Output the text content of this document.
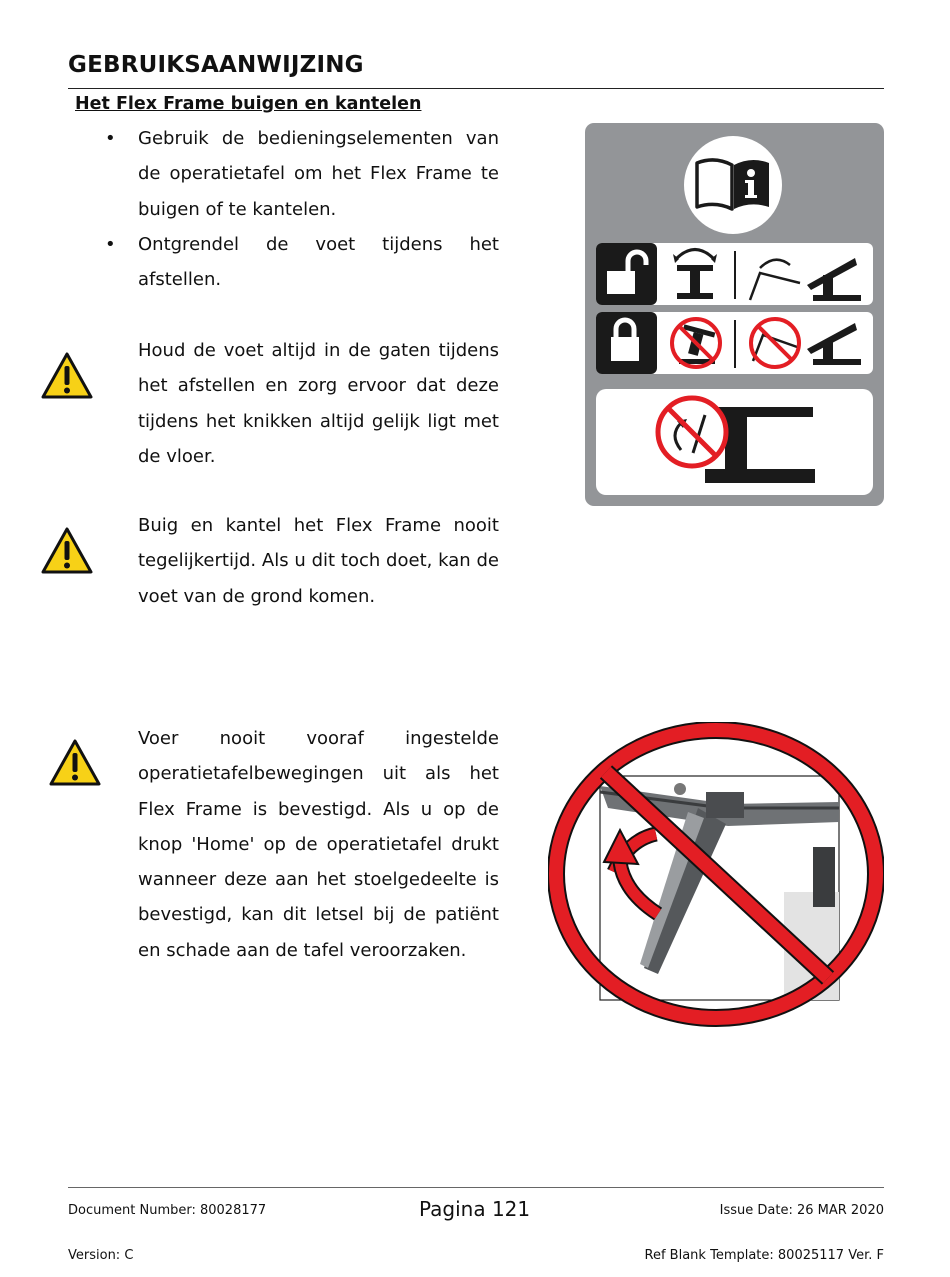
GEBRUIKSAANWIJZING
Het Flex Frame buigen en kantelen
• Gebruik de bedieningselementen van de operatietafel om het Flex Frame te buigen of te kantelen.
• Ontgrendel de voet tijdens het afstellen.
Houd de voet altijd in de gaten tijdens het afstellen en zorg ervoor dat deze tijdens het knikken altijd gelijk ligt met de vloer.
Buig en kantel het Flex Frame nooit tegelijkertijd. Als u dit toch doet, kan de voet van de grond komen.
Voer nooit vooraf ingestelde operatietafelbewegingen uit als het Flex Frame is bevestigd. Als u op de knop 'Home' op de operatietafel drukt wanneer deze aan het stoelgedeelte is bevestigd, kan dit letsel bij de patiënt en schade aan de tafel veroorzaken.
Document Number: 80028177	Pagina 121	Issue Date: 26 MAR 2020
Version: C	Ref Blank Template: 80025117 Ver. F
